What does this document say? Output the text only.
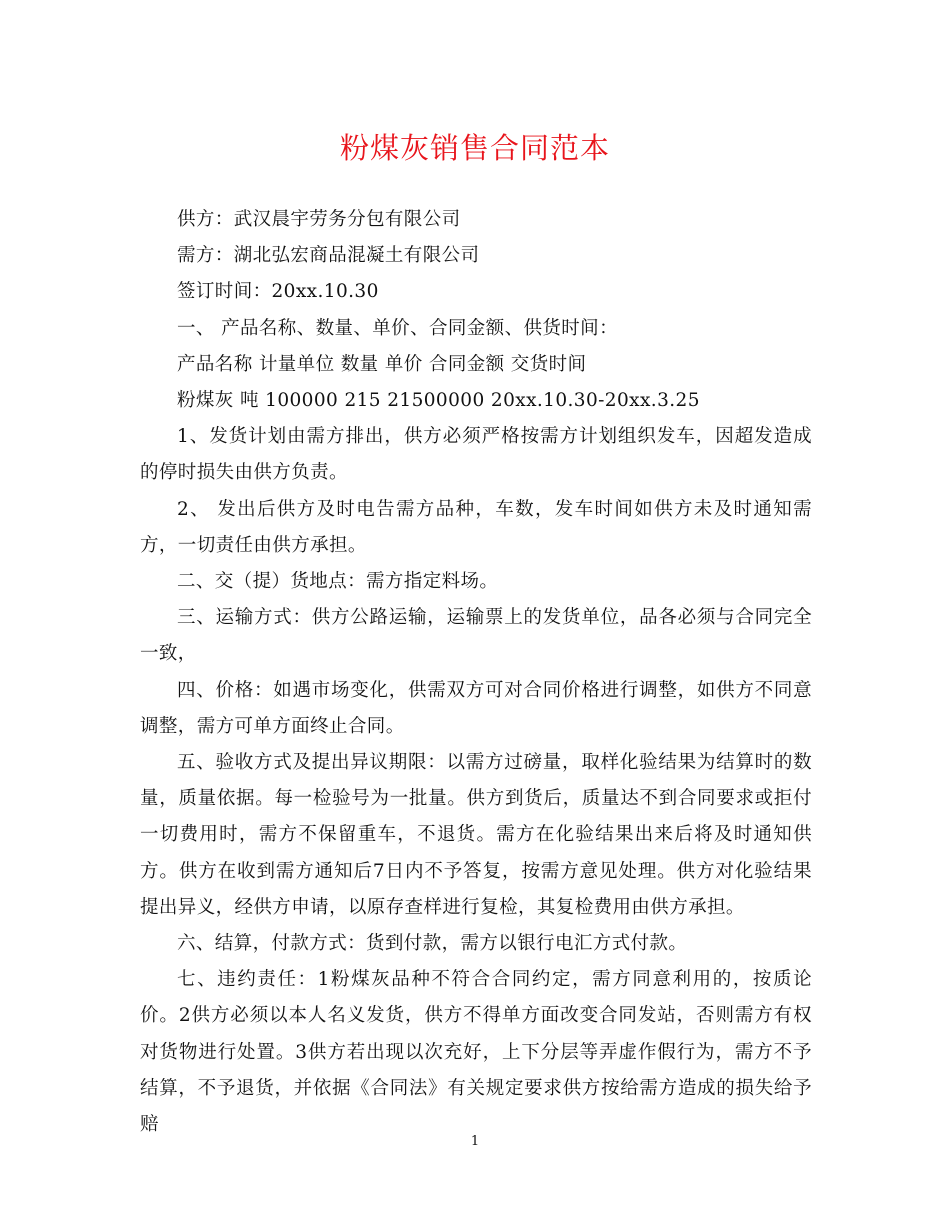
粉煤灰销售合同范本

供方：武汉晨宇劳务分包有限公司

需方：湖北弘宏商品混凝土有限公司

签订时间：20xx.10.30

一、 产品名称、数量、单价、合同金额、供货时间：

产品名称 计量单位 数量 单价 合同金额 交货时间

粉煤灰 吨 100000 215 21500000 20xx.10.30-20xx.3.25

1、发货计划由需方排出，供方必须严格按需方计划组织发车，因超发造成的停时损失由供方负责。

2、 发出后供方及时电告需方品种，车数，发车时间如供方未及时通知需方，一切责任由供方承担。

二、交（提）货地点：需方指定料场。

三、运输方式：供方公路运输，运输票上的发货单位，品各必须与合同完全一致，

四、价格：如遇市场变化，供需双方可对合同价格进行调整，如供方不同意调整，需方可单方面终止合同。

五、验收方式及提出异议期限：以需方过磅量，取样化验结果为结算时的数量，质量依据。每一检验号为一批量。供方到货后，质量达不到合同要求或拒付一切费用时，需方不保留重车，不退货。需方在化验结果出来后将及时通知供方。供方在收到需方通知后7日内不予答复，按需方意见处理。供方对化验结果提出异义，经供方申请，以原存查样进行复检，其复检费用由供方承担。

六、结算，付款方式：货到付款，需方以银行电汇方式付款。

七、违约责任：1粉煤灰品种不符合合同约定，需方同意利用的，按质论价。2供方必须以本人名义发货，供方不得单方面改变合同发站，否则需方有权对货物进行处置。3供方若出现以次充好，上下分层等弄虚作假行为，需方不予结算，不予退货，并依据《合同法》有关规定要求供方按给需方造成的损失给予赔

1
